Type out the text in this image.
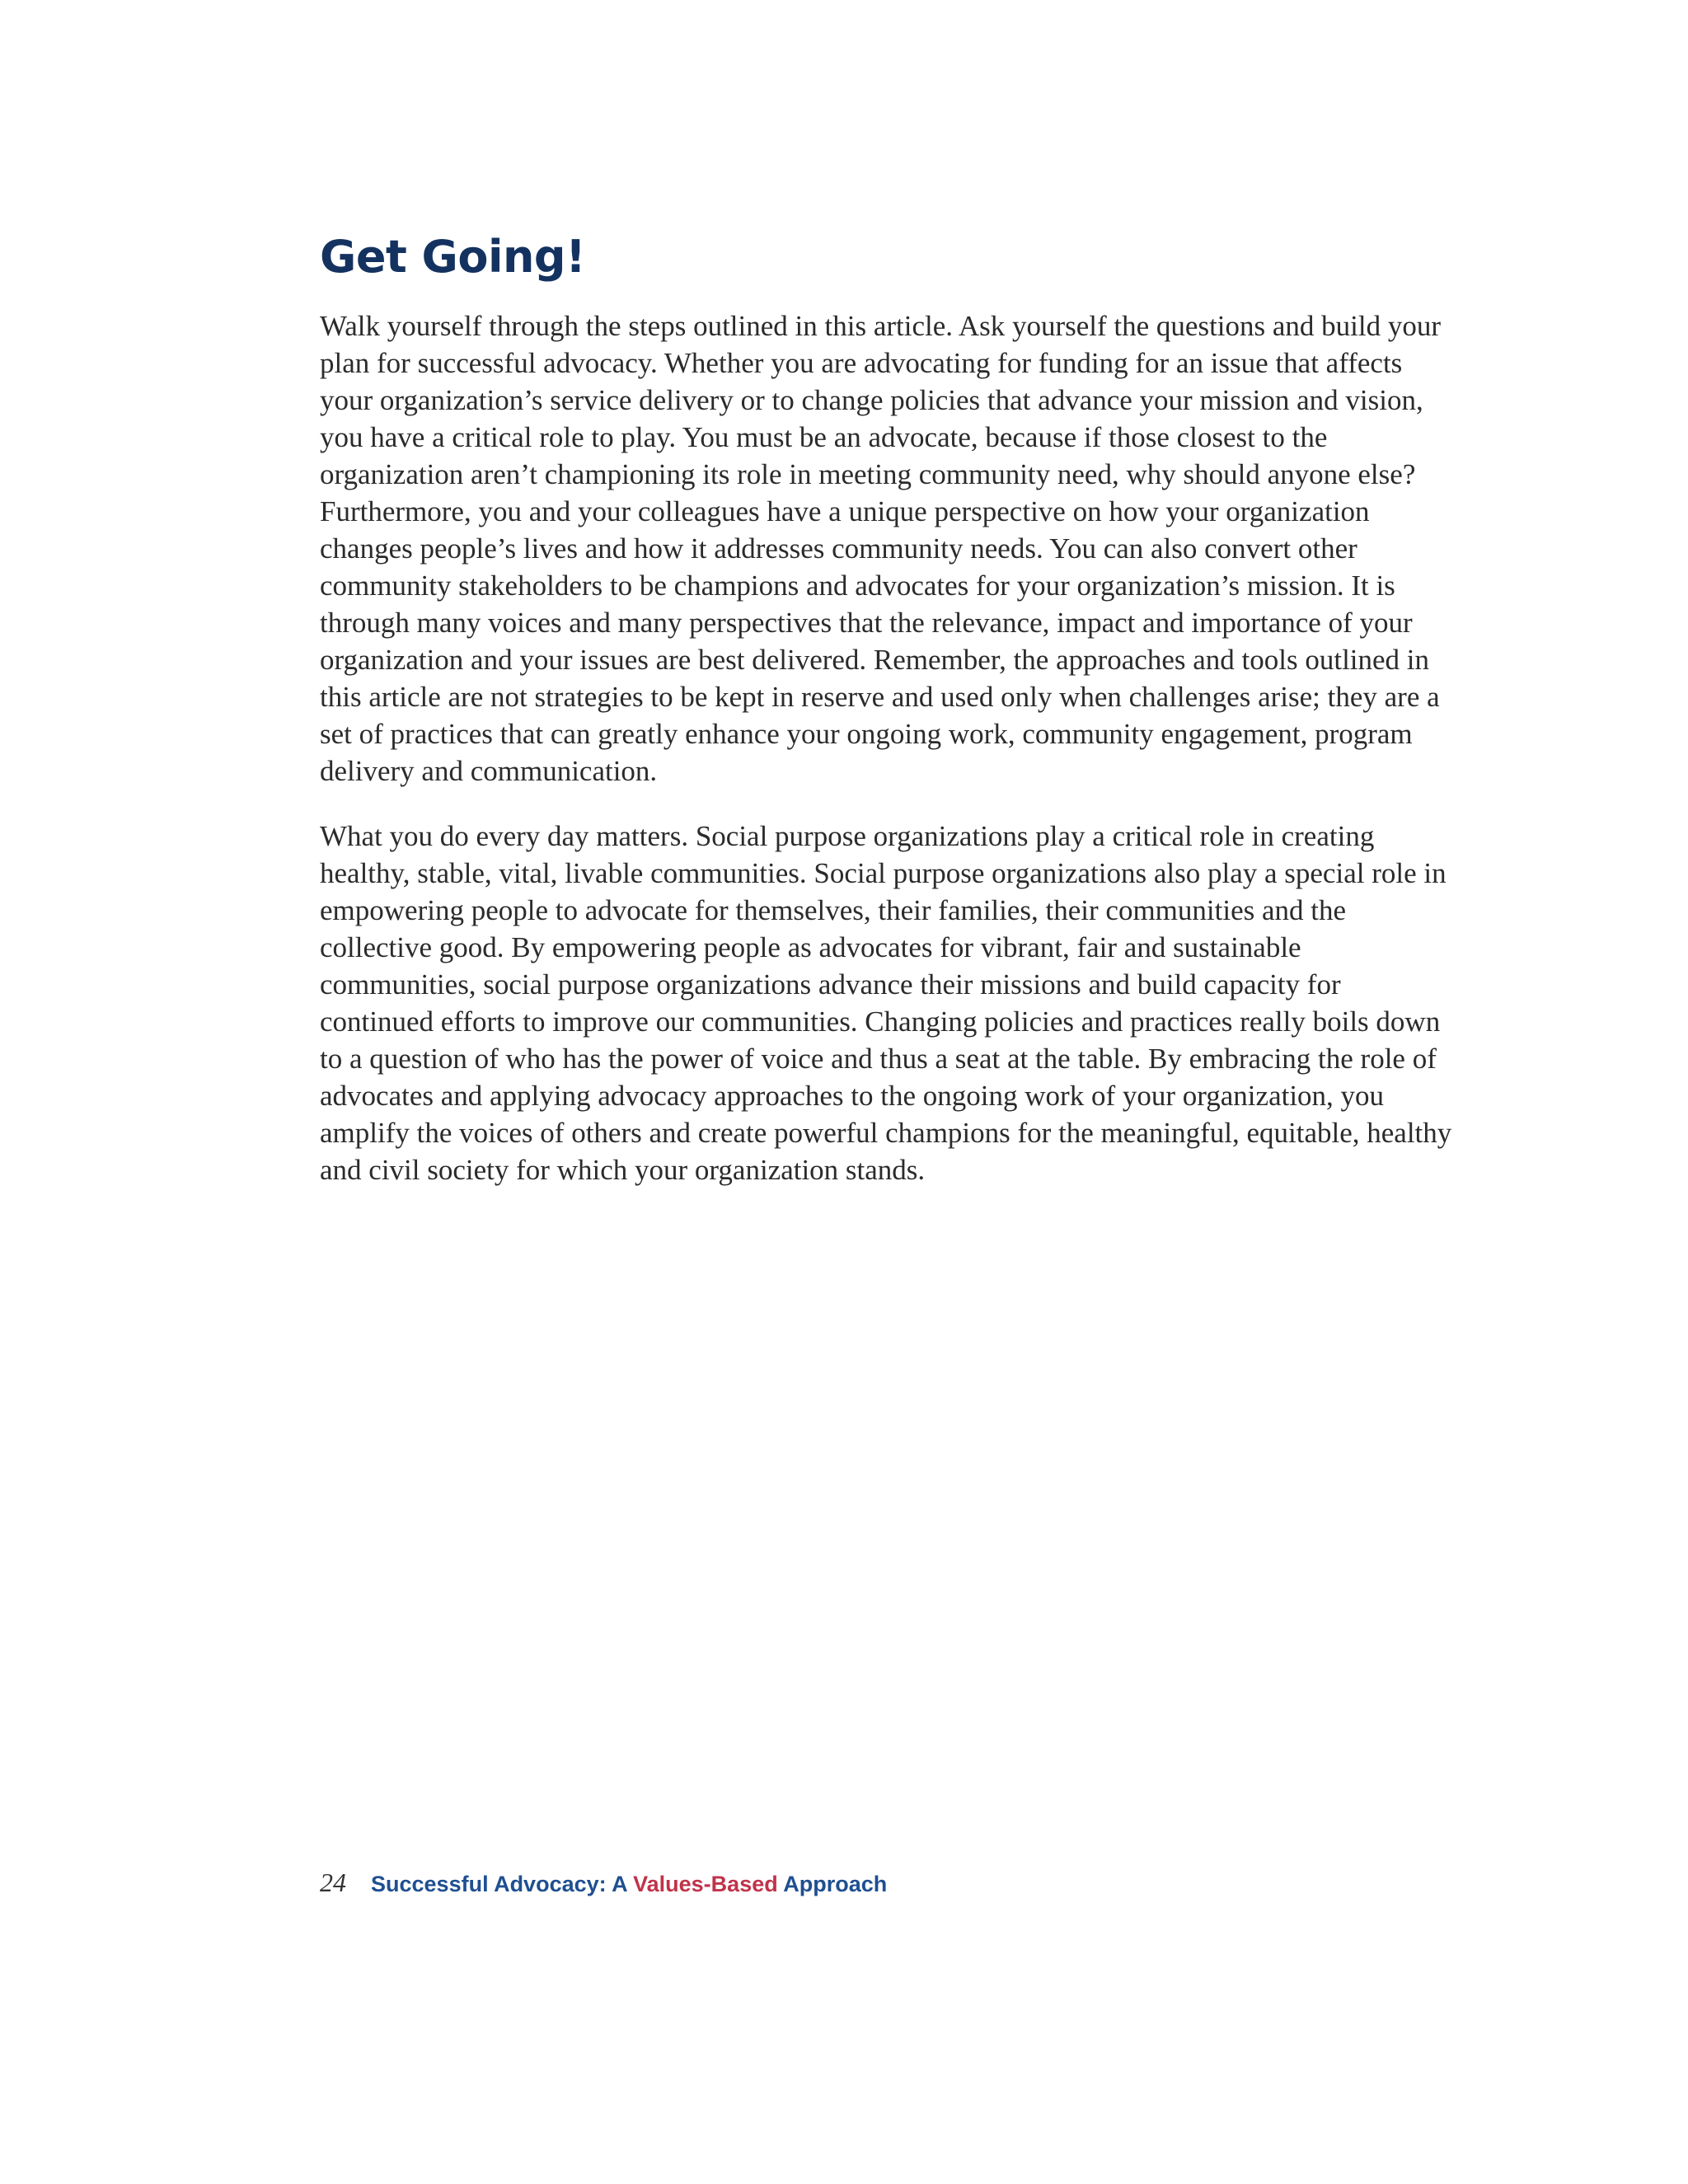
Get Going!

Walk yourself through the steps outlined in this article. Ask yourself the questions and build your plan for successful advocacy. Whether you are advocating for funding for an issue that affects your organization’s service delivery or to change policies that advance your mission and vision, you have a critical role to play. You must be an advocate, because if those closest to the organization aren’t championing its role in meeting community need, why should anyone else? Furthermore, you and your colleagues have a unique perspective on how your organization changes people’s lives and how it addresses community needs. You can also convert other community stakeholders to be champions and advocates for your organization’s mission. It is through many voices and many perspectives that the relevance, impact and importance of your organization and your issues are best delivered. Remember, the approaches and tools outlined in this article are not strategies to be kept in reserve and used only when challenges arise; they are a set of practices that can greatly enhance your ongoing work, community engagement, program delivery and communication.

What you do every day matters. Social purpose organizations play a critical role in creating healthy, stable, vital, livable communities. Social purpose organizations also play a special role in empowering people to advocate for themselves, their families, their communities and the collective good. By empowering people as advocates for vibrant, fair and sustainable communities, social purpose organizations advance their missions and build capacity for continued efforts to improve our communities. Changing policies and practices really boils down to a question of who has the power of voice and thus a seat at the table. By embracing the role of advocates and applying advocacy approaches to the ongoing work of your organization, you amplify the voices of others and create powerful champions for the meaningful, equitable, healthy and civil society for which your organization stands.

24 Successful Advocacy: A Values-Based Approach
